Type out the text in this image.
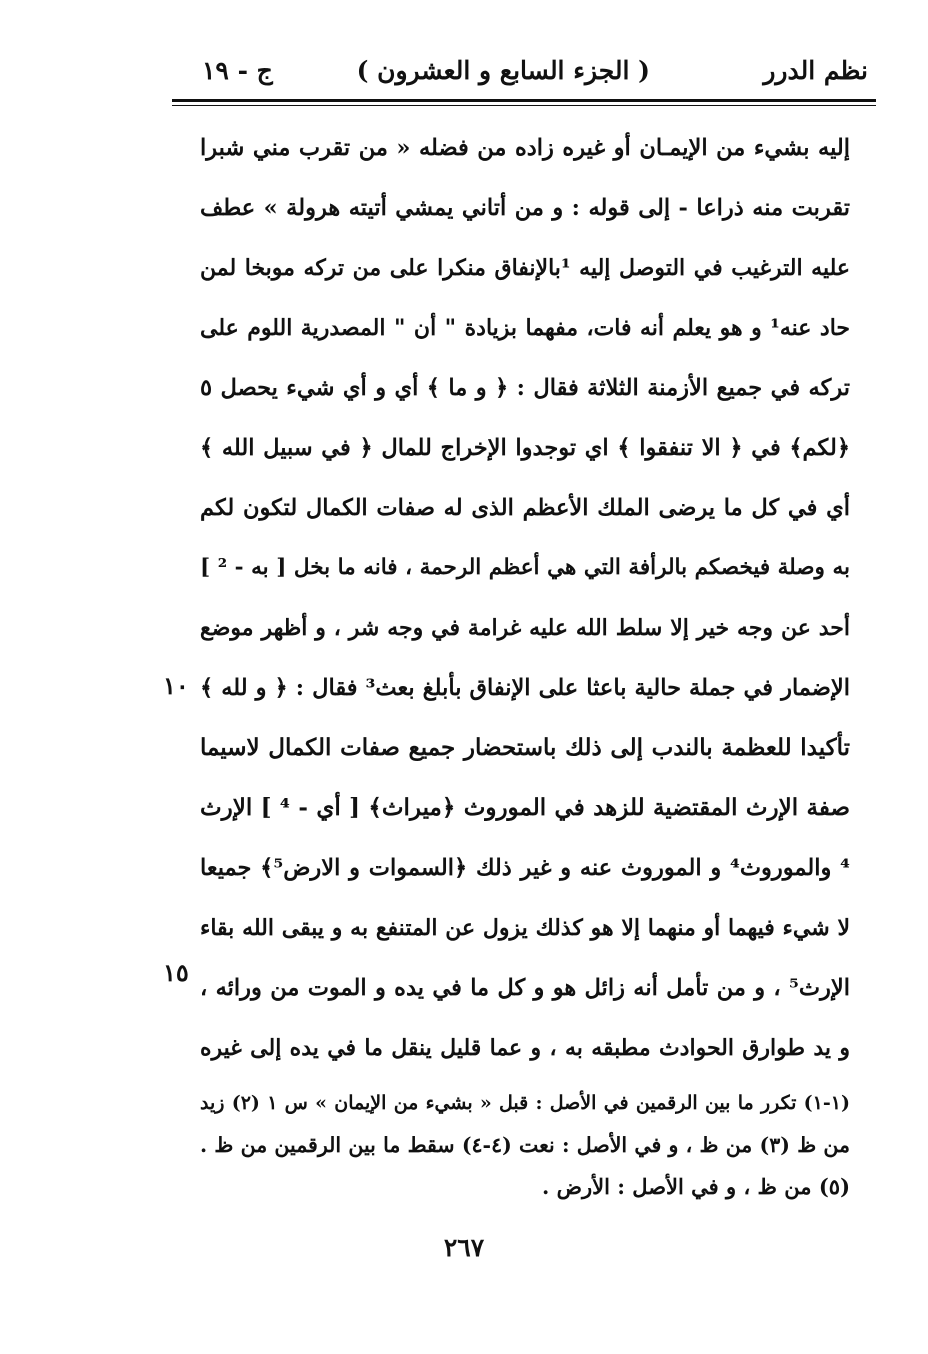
نظم الدرر
( الجزء السابع و العشرون )
ج - ١٩
إليه بشيء من الإيمـان أو غيره زاده من فضله « من تقرب مني شبرا
تقربت منه ذراعا - إلى قوله : و من أتاني يمشي أتيته هرولة » عطف
عليه الترغيب في التوصل إليه ¹بالإنفاق منكرا على من تركه موبخا لمن
حاد عنه¹ و هو يعلم أنه فات، مفهما بزيادة " أن " المصدرية اللوم على
تركه في جميع الأزمنة الثلاثة فقال : ﴿ و ما ﴾ أي و أي شيء يحصل ٥
﴿لكم﴾ في ﴿ الا تنفقوا ﴾ اي توجدوا الإخراج للمال ﴿ في سبيل الله ﴾
أي في كل ما يرضى الملك الأعظم الذى له صفات الكمال لتكون لكم
به وصلة فيخصكم بالرأفة التي هي أعظم الرحمة ، فانه ما بخل [ به - ² ]
أحد عن وجه خير إلا سلط الله عليه غرامة في وجه شر ، و أظهر موضع
الإضمار في جملة حالية باعثا على الإنفاق بأبلغ بعث³ فقال : ﴿ و لله ﴾
تأكيدا للعظمة بالندب إلى ذلك باستحضار جميع صفات الكمال لاسيما
صفة الإرث المقتضية للزهد في الموروث ﴿ميراث﴾ [ أي - ⁴ ] الإرث
⁴ والموروث⁴ و الموروث عنه و غير ذلك ﴿السموات و الارض⁵﴾ جميعا
لا شيء فيهما أو منهما إلا هو كذلك يزول عن المتنفع به و يبقى الله بقاء
الإرث⁵ ، و من تأمل أنه زائل هو و كل ما في يده و الموت من ورائه ،
و يد طوارق الحوادث مطبقه به ، و عما قليل ينقل ما في يده إلى غيره
١٠
١٥
(١-١) تكرر ما بين الرقمين في الأصل : قبل « بشيء من الإيمان » س ١ (٢) زيد
من ظ (٣) من ظ ، و في الأصل : نعت (٤-٤) سقط ما بين الرقمين من ظ .
(٥) من ظ ، و في الأصل : الأرض .
٢٦٧
